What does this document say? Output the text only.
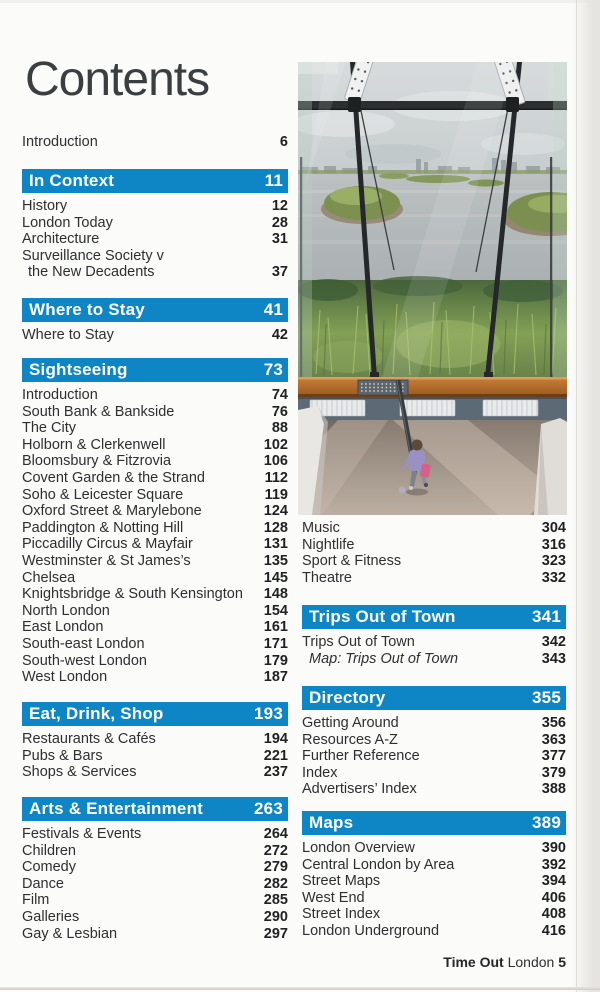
Contents
Introduction	6
In Context	11
History	12
London Today	28
Architecture	31
Surveillance Society v
the New Decadents	37
Where to Stay	41
Where to Stay	42
Sightseeing	73
Introduction	74
South Bank & Bankside	76
The City	88
Holborn & Clerkenwell	102
Bloomsbury & Fitzrovia	106
Covent Garden & the Strand	112
Soho & Leicester Square	119
Oxford Street & Marylebone	124
Paddington & Notting Hill	128
Piccadilly Circus & Mayfair	131
Westminster & St James’s	135
Chelsea	145
Knightsbridge & South Kensington 148
North London	154
East London	161
South-east London	171
South-west London	179
West London	187
Eat, Drink, Shop	193
Restaurants & Cafés	194
Pubs & Bars	221
Shops & Services	237
Arts & Entertainment	263
Festivals & Events	264
Children	272
Comedy	279
Dance	282
Film	285
Galleries	290
Gay & Lesbian	297
Music	304
Nightlife	316
Sport & Fitness	323
Theatre	332
Trips Out of Town	341
Trips Out of Town	342
Map: Trips Out of Town	343
Directory	355
Getting Around	356
Resources A-Z	363
Further Reference	377
Index	379
Advertisers’ Index	388
Maps	389
London Overview	390
Central London by Area	392
Street Maps	394
West End	406
Street Index	408
London Underground	416
Time Out London 5
